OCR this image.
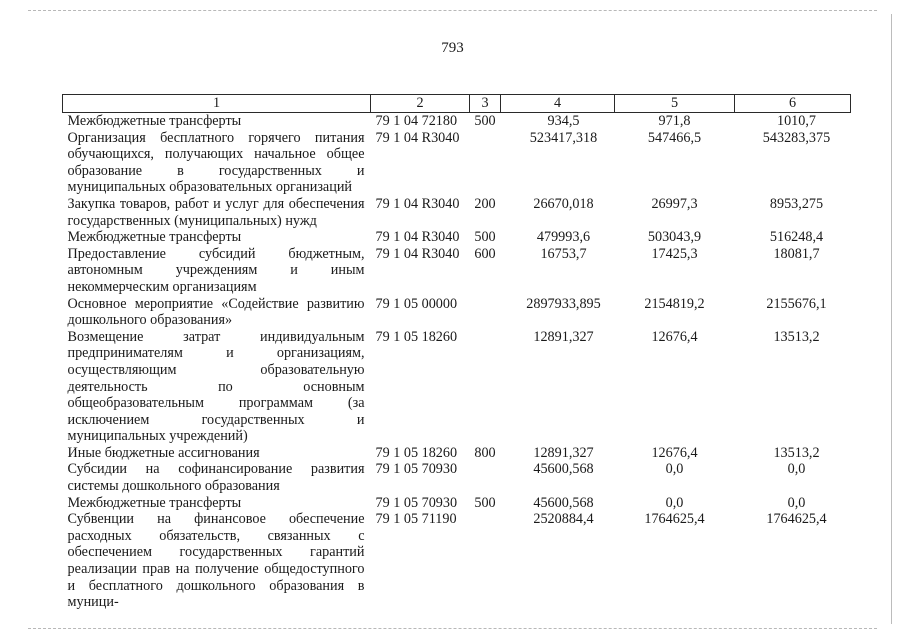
793
1	2	3	4	5	6
Межбюджетные трансферты	79 1 04 72180	500	934,5	971,8	1010,7
Организация бесплатного горячего питания обучающихся, получающих начальное общее образование в государственных и муниципальных образовательных организаций	79 1 04 R3040		523417,318	547466,5	543283,375
Закупка товаров, работ и услуг для обеспечения государственных (муниципальных) нужд	79 1 04 R3040	200	26670,018	26997,3	8953,275
Межбюджетные трансферты	79 1 04 R3040	500	479993,6	503043,9	516248,4
Предоставление субсидий бюджетным, автономным учреждениям и иным некоммерческим организациям	79 1 04 R3040	600	16753,7	17425,3	18081,7
Основное мероприятие «Содействие развитию дошкольного образования»	79 1 05 00000		2897933,895	2154819,2	2155676,1
Возмещение затрат индивидуальным предпринимателям и организациям, осуществляющим образовательную деятельность по основным общеобразовательным программам (за исключением государственных и муниципальных учреждений)	79 1 05 18260		12891,327	12676,4	13513,2
Иные бюджетные ассигнования	79 1 05 18260	800	12891,327	12676,4	13513,2
Субсидии на софинансирование развития системы дошкольного образования	79 1 05 70930		45600,568	0,0	0,0
Межбюджетные трансферты	79 1 05 70930	500	45600,568	0,0	0,0
Субвенции на финансовое обеспечение расходных обязательств, связанных с обеспечением государственных гарантий реализации прав на получение общедоступного и бесплатного дошкольного образования в муници-	79 1 05 71190		2520884,4	1764625,4	1764625,4
